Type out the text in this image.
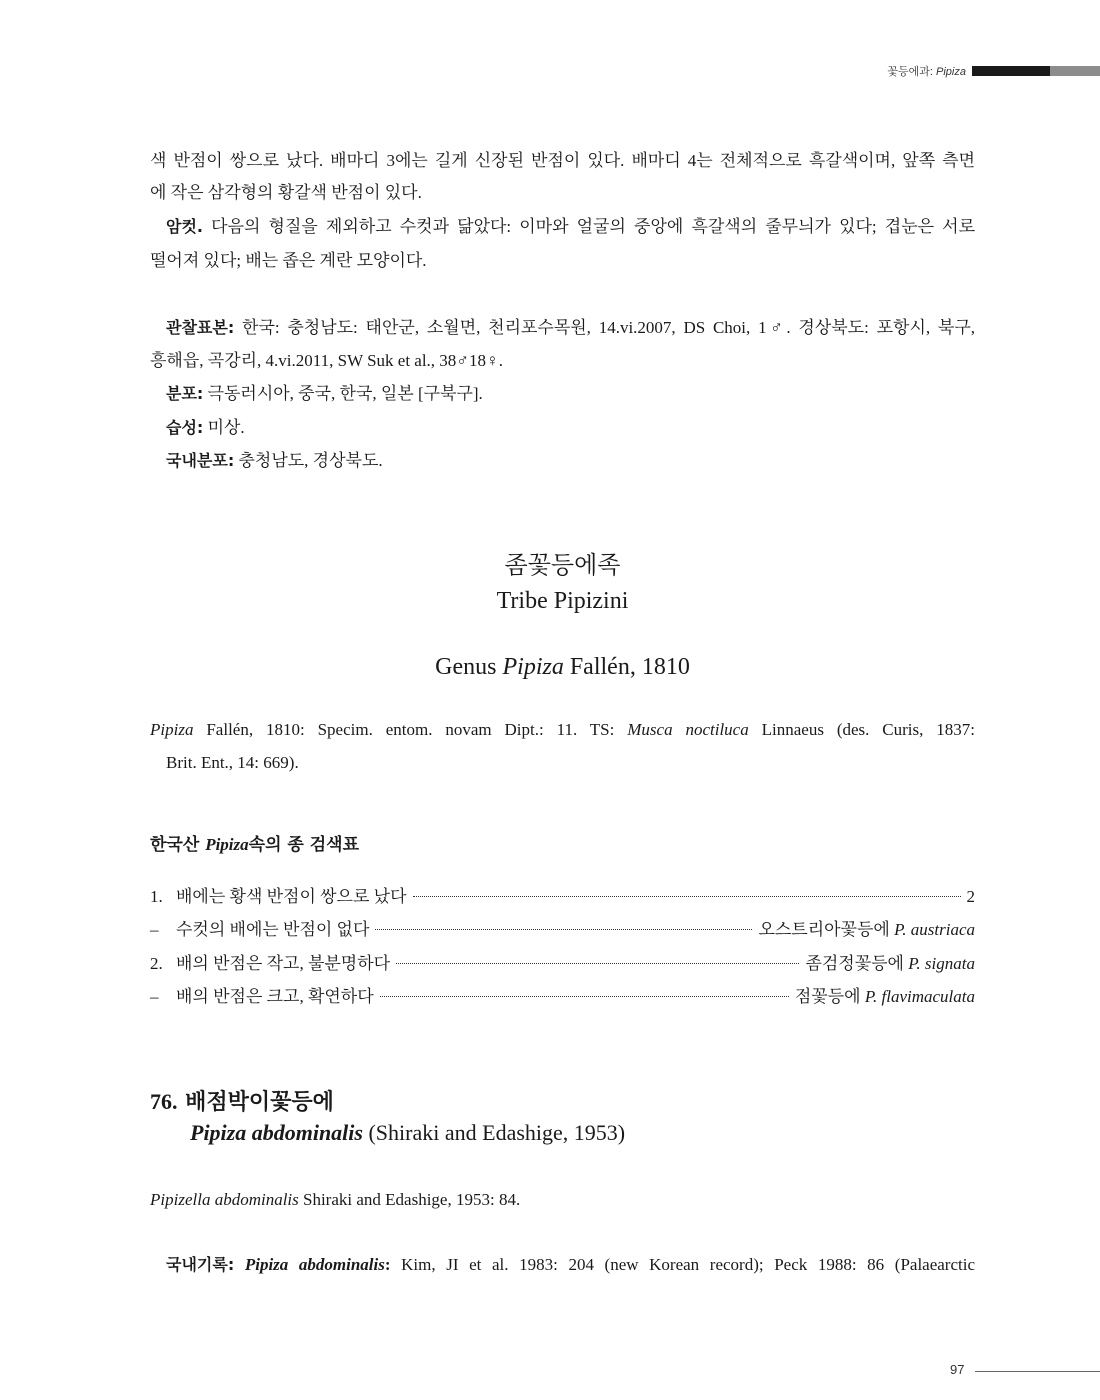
꽃등에과: Pipiza

색 반점이 쌍으로 났다. 배마디 3에는 길게 신장된 반점이 있다. 배마디 4는 전체적으로 흑갈색이며, 앞쪽 측면

에 작은 삼각형의 황갈색 반점이 있다.

암컷. 다음의 형질을 제외하고 수컷과 닮았다: 이마와 얼굴의 중앙에 흑갈색의 줄무늬가 있다; 겹눈은 서로

떨어져 있다; 배는 좁은 계란 모양이다.

관찰표본: 한국: 충청남도: 태안군, 소월면, 천리포수목원, 14.vi.2007, DS Choi, 1♂. 경상북도: 포항시, 북구,

흥해읍, 곡강리, 4.vi.2011, SW Suk et al., 38♂18♀.

분포: 극동러시아, 중국, 한국, 일본 [구북구].

습성: 미상.

국내분포: 충청남도, 경상북도.

좀꽃등에족

Tribe Pipizini

Genus Pipiza Fallén, 1810

Pipiza Fallén, 1810: Specim. entom. novam Dipt.: 11. TS: Musca noctiluca Linnaeus (des. Curis, 1837:

Brit. Ent., 14: 669).

한국산 Pipiza속의 종 검색표

1. 배에는 황색 반점이 쌍으로 났다	2
–	수컷의 배에는 반점이 없다	오스트리아꽃등에 P. austriaca
2. 배의 반점은 작고, 불분명하다	좀검정꽃등에 P. signata
–	배의 반점은 크고, 확연하다	점꽃등에 P. flavimaculata

76. 배점박이꽃등에

Pipiza abdominalis (Shiraki and Edashige, 1953)

Pipizella abdominalis Shiraki and Edashige, 1953: 84.

국내기록: Pipiza abdominalis: Kim, JI et al. 1983: 204 (new Korean record); Peck 1988: 86 (Palaearctic

97
